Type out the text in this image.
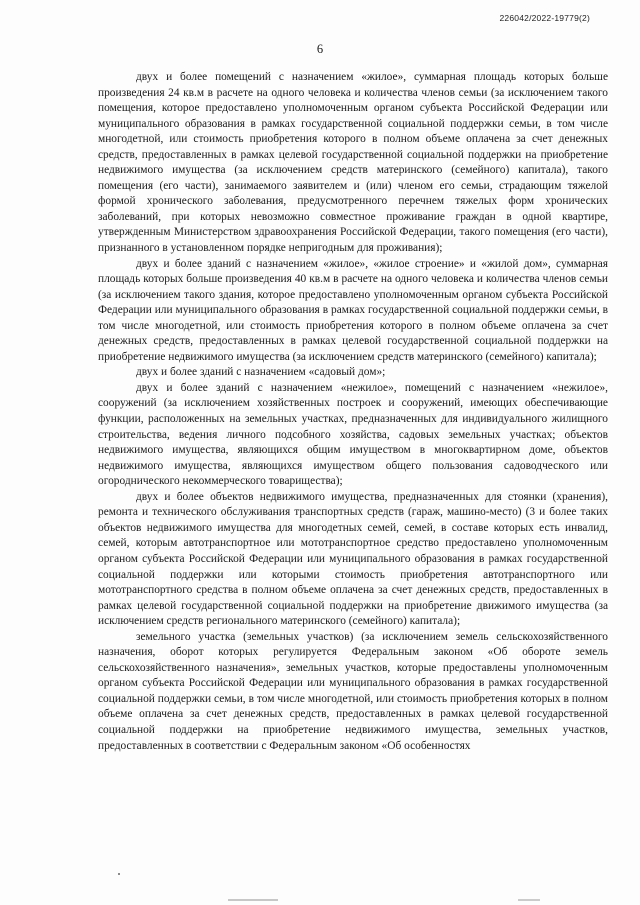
226042/2022-19779(2)
6

двух и более помещений с назначением «жилое», суммарная площадь которых больше произведения 24 кв.м в расчете на одного человека и количества членов семьи (за исключением такого помещения, которое предоставлено уполномоченным органом субъекта Российской Федерации или муниципального образования в рамках государственной социальной поддержки семьи, в том числе многодетной, или стоимость приобретения которого в полном объеме оплачена за счет денежных средств, предоставленных в рамках целевой государственной социальной поддержки на приобретение недвижимого имущества (за исключением средств материнского (семейного) капитала), такого помещения (его части), занимаемого заявителем и (или) членом его семьи, страдающим тяжелой формой хронического заболевания, предусмотренного перечнем тяжелых форм хронических заболеваний, при которых невозможно совместное проживание граждан в одной квартире, утвержденным Министерством здравоохранения Российской Федерации, такого помещения (его части), признанного в установленном порядке непригодным для проживания);

двух и более зданий с назначением «жилое», «жилое строение» и «жилой дом», суммарная площадь которых больше произведения 40 кв.м в расчете на одного человека и количества членов семьи (за исключением такого здания, которое предоставлено уполномоченным органом субъекта Российской Федерации или муниципального образования в рамках государственной социальной поддержки семьи, в том числе многодетной, или стоимость приобретения которого в полном объеме оплачена за счет денежных средств, предоставленных в рамках целевой государственной социальной поддержки на приобретение недвижимого имущества (за исключением средств материнского (семейного) капитала);

двух и более зданий с назначением «садовый дом»;

двух и более зданий с назначением «нежилое», помещений с назначением «нежилое», сооружений (за исключением хозяйственных построек и сооружений, имеющих обеспечивающие функции, расположенных на земельных участках, предназначенных для индивидуального жилищного строительства, ведения личного подсобного хозяйства, садовых земельных участках; объектов недвижимого имущества, являющихся общим имуществом в многоквартирном доме, объектов недвижимого имущества, являющихся имуществом общего пользования садоводческого или огороднического некоммерческого товарищества);

двух и более объектов недвижимого имущества, предназначенных для стоянки (хранения), ремонта и технического обслуживания транспортных средств (гараж, машино-место) (3 и более таких объектов недвижимого имущества для многодетных семей, семей, в составе которых есть инвалид, семей, которым автотранспортное или мототранспортное средство предоставлено уполномоченным органом субъекта Российской Федерации или муниципального образования в рамках государственной социальной поддержки или которыми стоимость приобретения автотранспортного или мототранспортного средства в полном объеме оплачена за счет денежных средств, предоставленных в рамках целевой государственной социальной поддержки на приобретение движимого имущества (за исключением средств регионального материнского (семейного) капитала);

земельного участка (земельных участков) (за исключением земель сельскохозяйственного назначения, оборот которых регулируется Федеральным законом «Об обороте земель сельскохозяйственного назначения», земельных участков, которые предоставлены уполномоченным органом субъекта Российской Федерации или муниципального образования в рамках государственной социальной поддержки семьи, в том числе многодетной, или стоимость приобретения которых в полном объеме оплачена за счет денежных средств, предоставленных в рамках целевой государственной социальной поддержки на приобретение недвижимого имущества, земельных участков, предоставленных в соответствии с Федеральным законом «Об особенностях
